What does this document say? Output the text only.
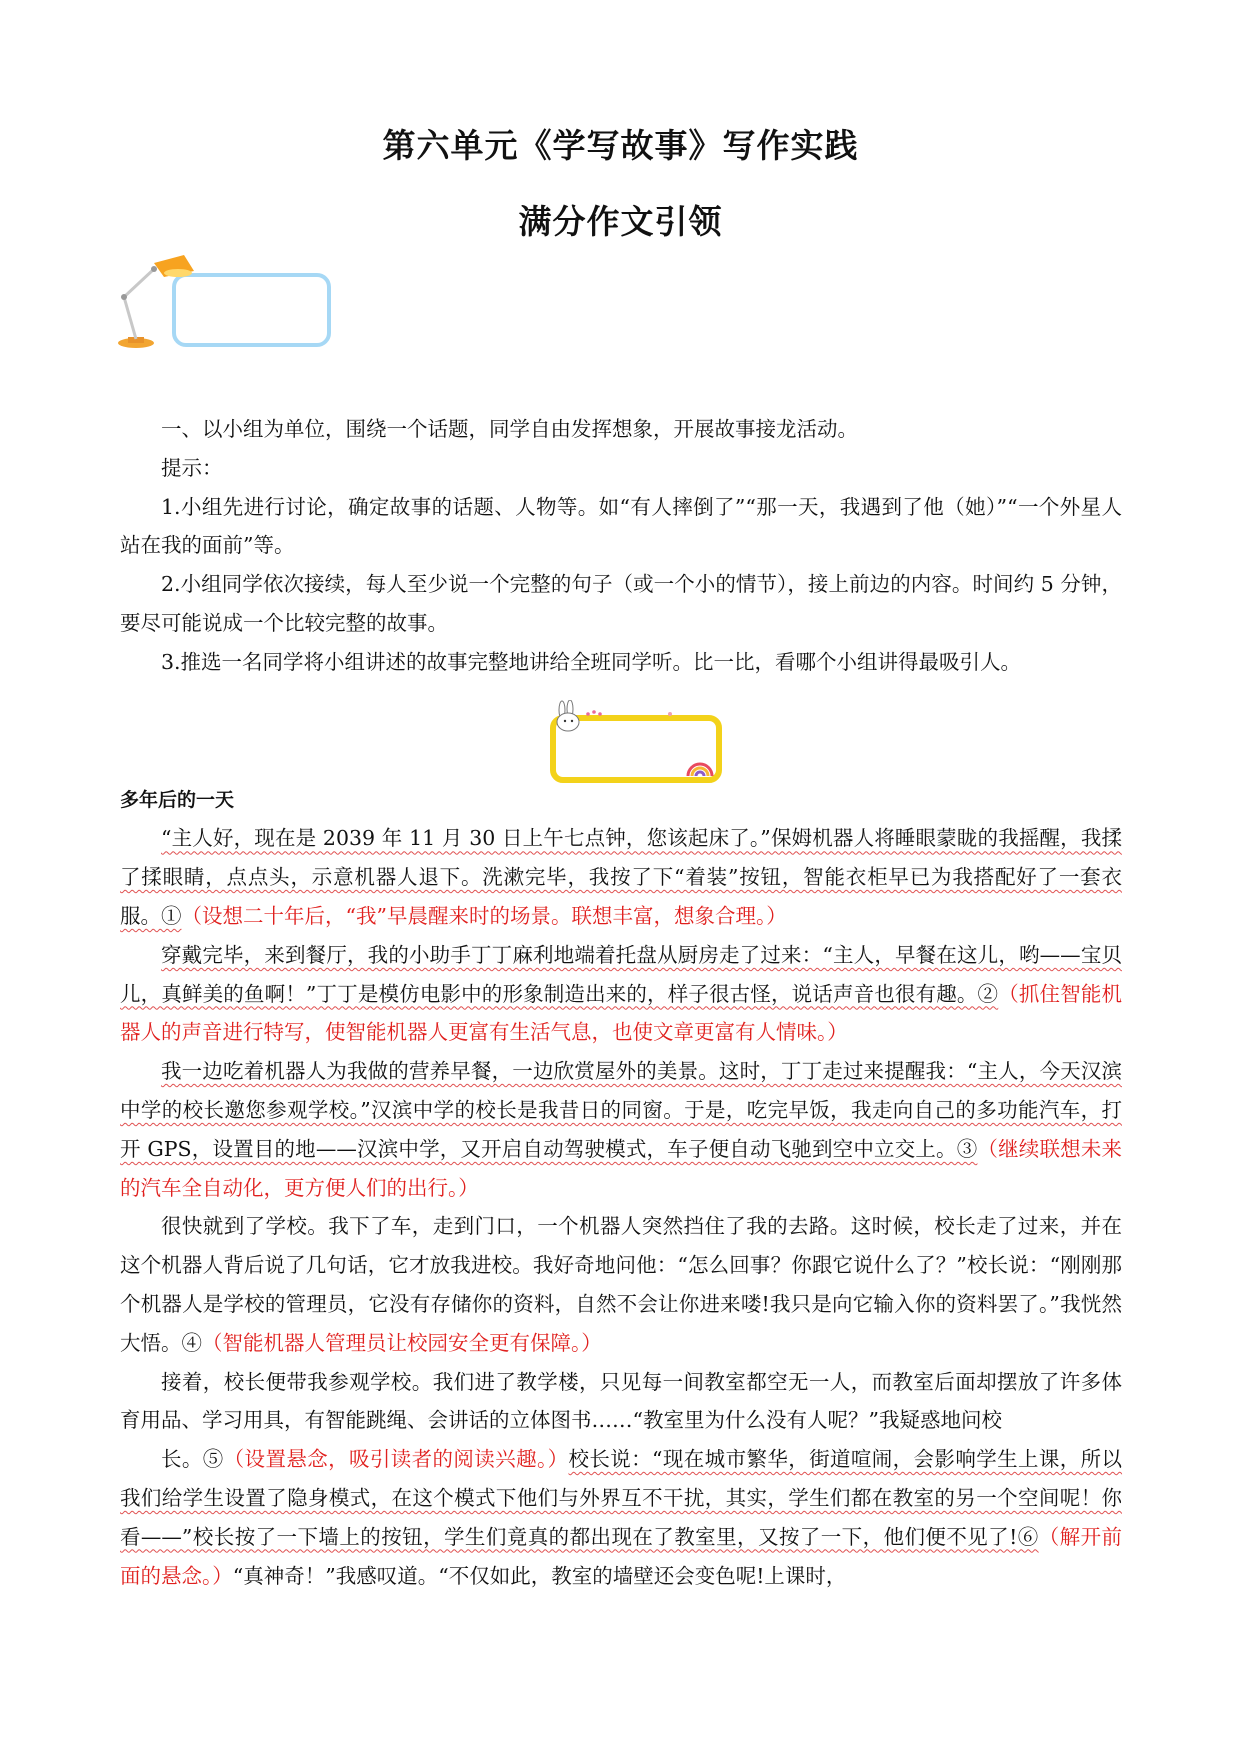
第六单元《学写故事》写作实践
满分作文引领

一、以小组为单位，围绕一个话题，同学自由发挥想象，开展故事接龙活动。

提示：

1.小组先进行讨论，确定故事的话题、人物等。如“有人摔倒了”“那一天，我遇到了他（她）”“一个外星人站在我的面前”等。

2.小组同学依次接续，每人至少说一个完整的句子（或一个小的情节），接上前边的内容。时间约 5 分钟，要尽可能说成一个比较完整的故事。

3.推选一名同学将小组讲述的故事完整地讲给全班同学听。比一比，看哪个小组讲得最吸引人。

多年后的一天

“主人好，现在是 2039 年 11 月 30 日上午七点钟，您该起床了。”保姆机器人将睡眼蒙眬的我摇醒，我揉了揉眼睛，点点头，示意机器人退下。洗漱完毕，我按了下“着装”按钮，智能衣柜早已为我搭配好了一套衣服。①（设想二十年后，“我”早晨醒来时的场景。联想丰富，想象合理。）

穿戴完毕，来到餐厅，我的小助手丁丁麻利地端着托盘从厨房走了过来：“主人，早餐在这儿，哟——宝贝儿，真鲜美的鱼啊！”丁丁是模仿电影中的形象制造出来的，样子很古怪，说话声音也很有趣。②（抓住智能机器人的声音进行特写，使智能机器人更富有生活气息，也使文章更富有人情味。）

我一边吃着机器人为我做的营养早餐，一边欣赏屋外的美景。这时，丁丁走过来提醒我：“主人，今天汉滨中学的校长邀您参观学校。”汉滨中学的校长是我昔日的同窗。于是，吃完早饭，我走向自己的多功能汽车，打开 GPS，设置目的地——汉滨中学，又开启自动驾驶模式，车子便自动飞驰到空中立交上。③（继续联想未来的汽车全自动化，更方便人们的出行。）

很快就到了学校。我下了车，走到门口，一个机器人突然挡住了我的去路。这时候，校长走了过来，并在这个机器人背后说了几句话，它才放我进校。我好奇地问他：“怎么回事？你跟它说什么了？”校长说：“刚刚那个机器人是学校的管理员，它没有存储你的资料，自然不会让你进来喽!我只是向它输入你的资料罢了。”我恍然大悟。④（智能机器人管理员让校园安全更有保障。）

接着，校长便带我参观学校。我们进了教学楼，只见每一间教室都空无一人，而教室后面却摆放了许多体育用品、学习用具，有智能跳绳、会讲话的立体图书……“教室里为什么没有人呢？”我疑惑地问校

长。⑤（设置悬念，吸引读者的阅读兴趣。）校长说：“现在城市繁华，街道喧闹，会影响学生上课，所以我们给学生设置了隐身模式，在这个模式下他们与外界互不干扰，其实，学生们都在教室的另一个空间呢！你看——”校长按了一下墙上的按钮，学生们竟真的都出现在了教室里，又按了一下，他们便不见了!⑥（解开前面的悬念。）“真神奇！”我感叹道。“不仅如此，教室的墙壁还会变色呢!上课时，
